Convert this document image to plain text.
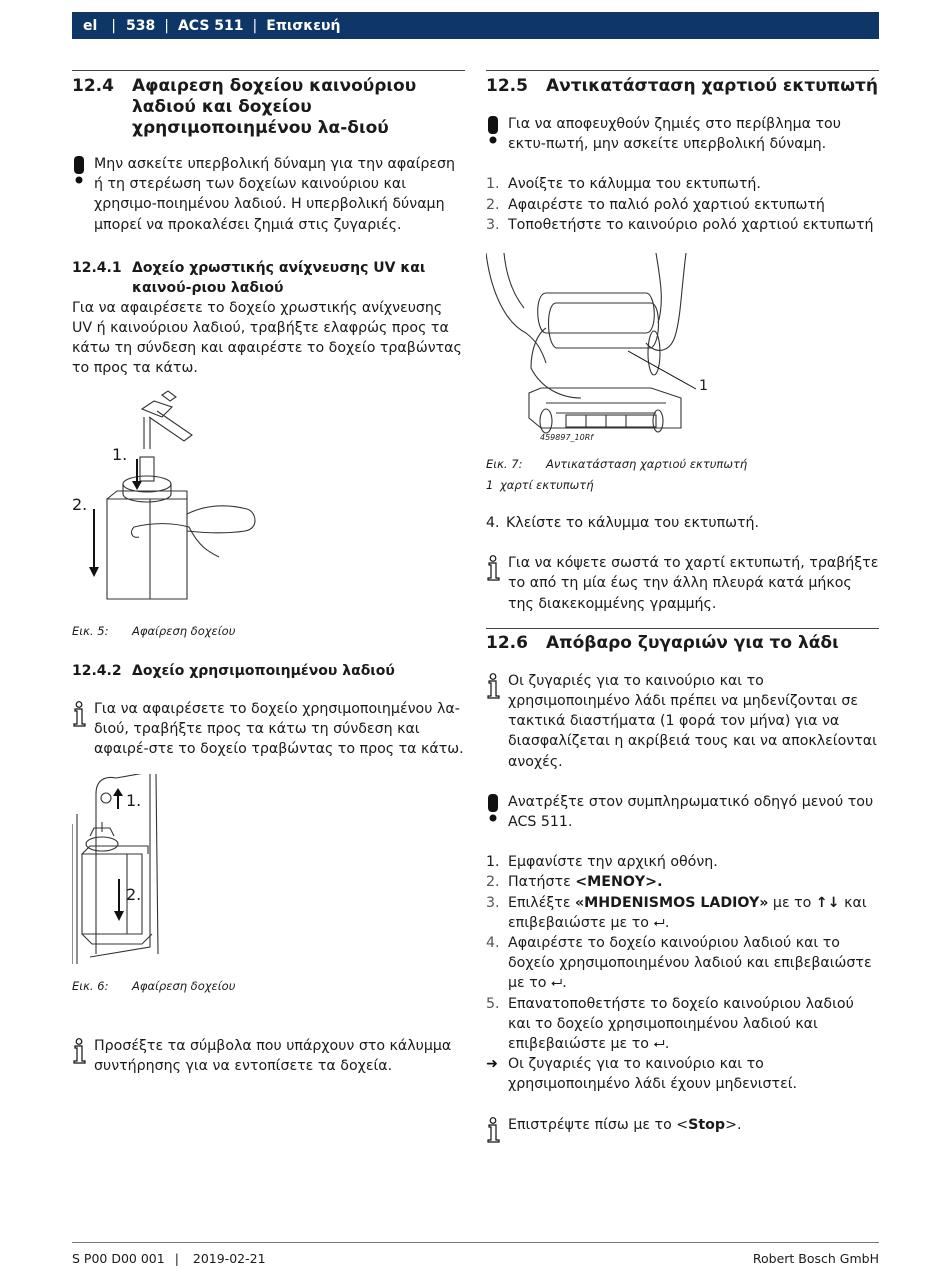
el | 538 | ACS 511 | Επισκευή
12.4	Αφαιρεση δοχείου καινούριου λαδιού και δοχείου χρησιμοποιημένου λα-διού

Μην ασκείτε υπερβολική δύναμη για την αφαίρεση ή τη στερέωση των δοχείων καινούριου και χρησιμο-ποιημένου λαδιού. Η υπερβολική δύναμη μπορεί να προκαλέσει ζημιά στις ζυγαριές.

12.4.1 Δοχείο χρωστικής ανίχνευσης UV και καινού-ριου λαδιού

Για να αφαιρέσετε το δοχείο χρωστικής ανίχνευσης UV ή καινούριου λαδιού, τραβήξτε ελαφρώς προς τα κάτω τη σύνδεση και αφαιρέστε το δοχείο τραβώντας το προς τα κάτω.

1.
2.
Εικ. 5:	Αφαίρεση δοχείου
12.4.2 Δοχείο χρησιμοποιημένου λαδιού

Για να αφαιρέσετε το δοχείο χρησιμοποιημένου λα-διού, τραβήξτε προς τα κάτω τη σύνδεση και αφαιρέ-στε το δοχείο τραβώντας το προς τα κάτω.

1.
2.
Εικ. 6:	Αφαίρεση δοχείου

Προσέξτε τα σύμβολα που υπάρχουν στο κάλυμμα συντήρησης για να εντοπίσετε τα δοχεία.

12.5	Αντικατάσταση χαρτιού εκτυπωτή

Για να αποφευχθούν ζημιές στο περίβλημα του εκτυ-πωτή, μην ασκείτε υπερβολική δύναμη.

1. Ανοίξτε το κάλυμμα του εκτυπωτή.
2. Αφαιρέστε το παλιό ρολό χαρτιού εκτυπωτή
3. Τοποθετήστε το καινούριο ρολό χαρτιού εκτυπωτή
1
459897_10Rf
Εικ. 7:	Αντικατάσταση χαρτιού εκτυπωτή
1 χαρτί εκτυπωτή
4. Κλείστε το κάλυμμα του εκτυπωτή.

Για να κόψετε σωστά το χαρτί εκτυπωτή, τραβήξτε το από τη μία έως την άλλη πλευρά κατά μήκος της διακεκομμένης γραμμής.

12.6	Απόβαρο ζυγαριών για το λάδι

Οι ζυγαριές για το καινούριο και το χρησιμοποιημένο λάδι πρέπει να μηδενίζονται σε τακτικά διαστήματα (1 φορά τον μήνα) για να διασφαλίζεται η ακρίβειά τους και να αποκλείονται ανοχές.

Ανατρέξτε στον συμπληρωματικό οδηγό μενού του ACS 511.

1. Εμφανίστε την αρχική οθόνη.
2. Πατήστε <ΜΕΝΟΥ>.
3. Επιλέξτε «MHDENISMOS LADIOY» με το ↑↓ και επιβεβαιώστε με το ⮠.
4. Αφαιρέστε το δοχείο καινούριου λαδιού και το δοχείο χρησιμοποιημένου λαδιού και επιβεβαιώστε με το ⮠.
5. Επανατοποθετήστε το δοχείο καινούριου λαδιού και το δοχείο χρησιμοποιημένου λαδιού και επιβεβαιώστε με το ⮠.
➜ Οι ζυγαριές για το καινούριο και το χρησιμοποιημένο λάδι έχουν μηδενιστεί.

Επιστρέψτε πίσω με το <Stop>.

S P00 D00 001 | 2019-02-21	Robert Bosch GmbH
